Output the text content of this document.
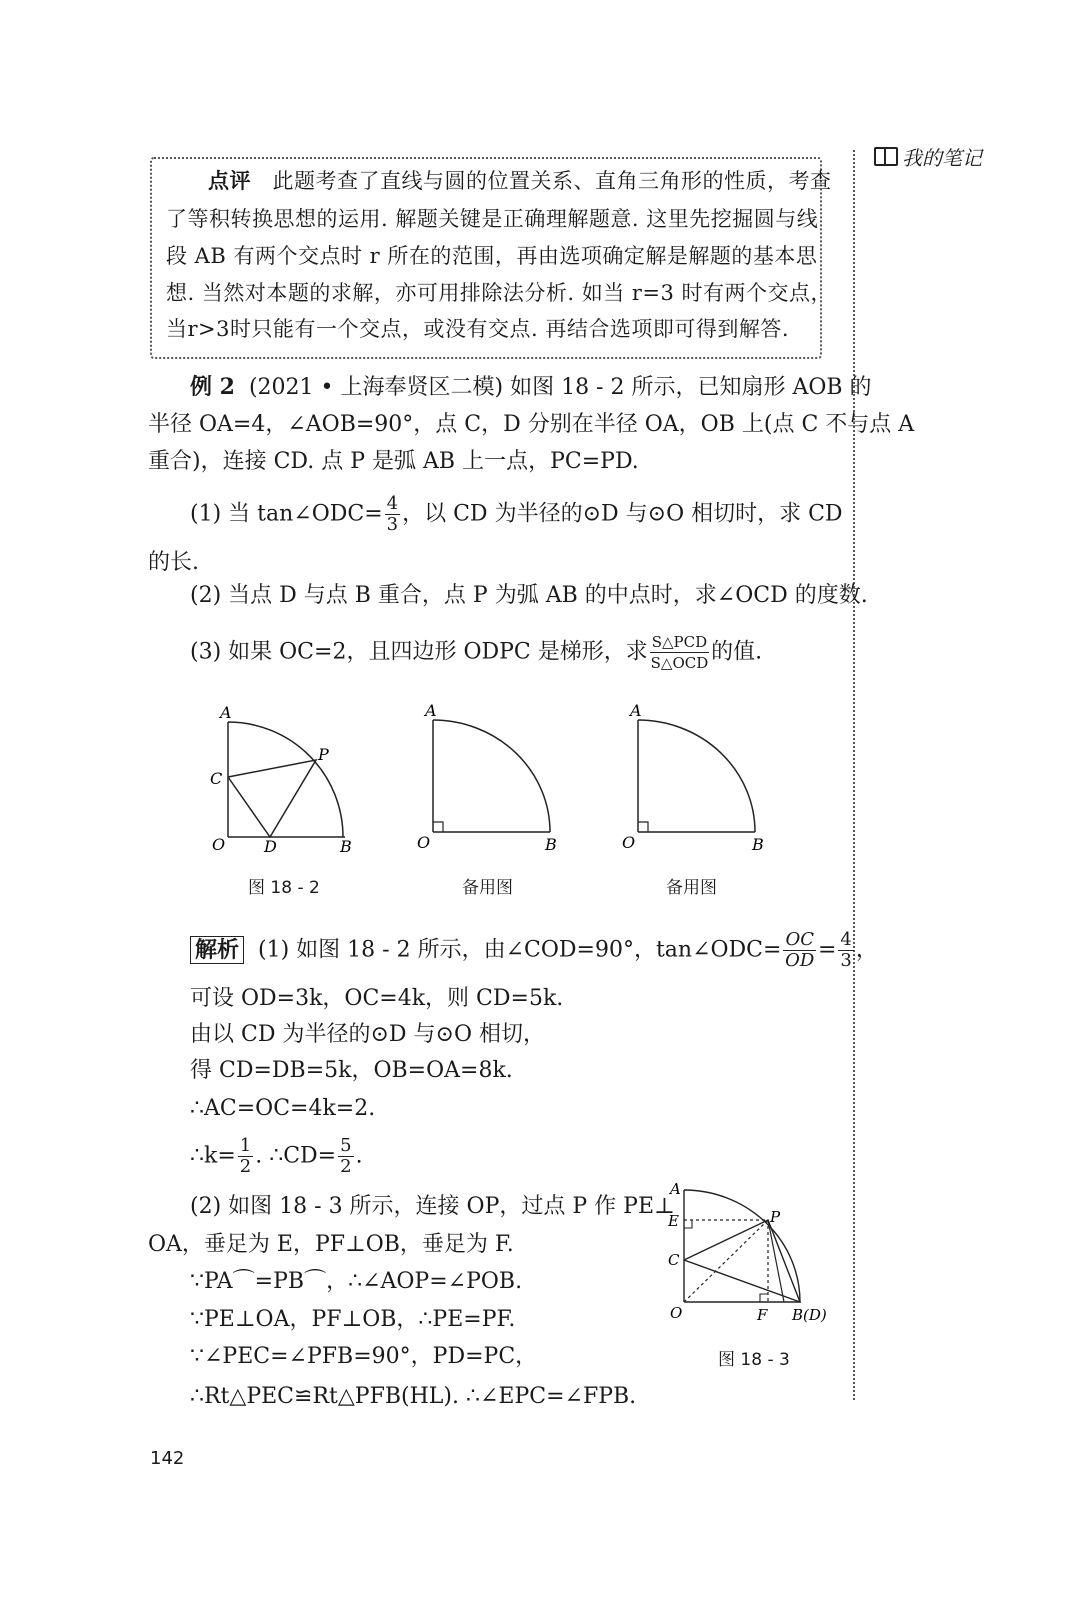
我的笔记
点评 此题考查了直线与圆的位置关系、直角三角形的性质，考查
了等积转换思想的运用. 解题关键是正确理解题意. 这里先挖掘圆与线
段 AB 有两个交点时 r 所在的范围，再由选项确定解是解题的基本思
想. 当然对本题的求解，亦可用排除法分析. 如当 r=3 时有两个交点，
当r>3时只能有一个交点，或没有交点. 再结合选项即可得到解答.
例 2 (2021 • 上海奉贤区二模) 如图 18 - 2 所示，已知扇形 AOB 的
半径 OA=4，∠AOB=90°，点 C，D 分别在半径 OA，OB 上(点 C 不与点 A
重合)，连接 CD. 点 P 是弧 AB 上一点，PC=PD.
(1) 当 tan∠ODC= $\frac{4}{3}$ ，以 CD 为半径的⊙D 与⊙O 相切时，求 CD
的长.
(2) 当点 D 与点 B 重合，点 P 为弧 AB 的中点时，求∠OCD 的度数.
(3) 如果 OC=2，且四边形 ODPC 是梯形，求 S△PCD
S△OCD 的值.
A
C
P
O D	B
图 18 - 2
A
O	B
备用图
A
O	B
备用图
解析 (1) 如图 18 - 2 所示，由∠COD=90°，tan∠ODC= $\frac{OC}{OD} = \frac{4}{3}$ ，
可设 OD=3k，OC=4k，则 CD=5k.
由以 CD 为半径的⊙D 与⊙O 相切，
得 CD=DB=5k，OB=OA=8k.
∴AC=OC=4k=2.
∴k= $\frac{1}{2}$ . ∴CD= $\frac{5}{2}$ .
(2) 如图 18 - 3 所示，连接 OP，过点 P 作 PE⊥
OA，垂足为 E，PF⊥OB，垂足为 F.
∵PA⌒=PB⌒，∴∠AOP=∠POB.
∵PE⊥OA，PF⊥OB，∴PE=PF.
∵∠PEC=∠PFB=90°，PD=PC，
∴Rt△PEC≌Rt△PFB(HL). ∴∠EPC=∠FPB.
A
E
C
P
O	F B(D)
图 18 - 3
142
